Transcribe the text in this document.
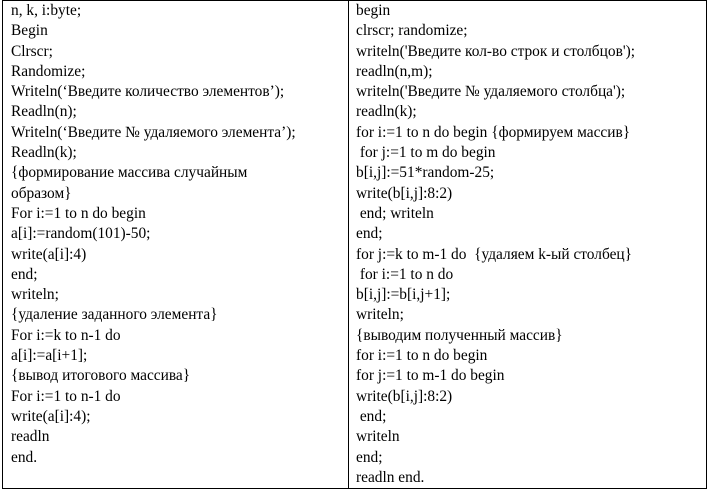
n, k, i:byte;
Begin
Clrscr;
Randomize;
Writeln(‘Введите количество элементов’);
Readln(n);
Writeln(‘Введите № удаляемого элемента’);
Readln(k);
{формирование массива случайным
образом}
For i:=1 to n do begin
a[i]:=random(101)-50;
write(a[i]:4)
end;
writeln;
{удаление заданного элемента}
For i:=k to n-1 do
a[i]:=a[i+1];
{вывод итогового массива}
For i:=1 to n-1 do
write(a[i]:4);
readln
end.

begin
clrscr; randomize;
writeln('Введите кол-во строк и столбцов');
readln(n,m);
writeln('Введите № удаляемого столбца');
readln(k);
for i:=1 to n do begin {формируем массив}
for j:=1 to m do begin
b[i,j]:=51*random-25;
write(b[i,j]:8:2)
end; writeln
end;
for j:=k to m-1 do  {удаляем k-ый столбец}
for i:=1 to n do
b[i,j]:=b[i,j+1];
writeln;
{выводим полученный массив}
for i:=1 to n do begin
for j:=1 to m-1 do begin
write(b[i,j]:8:2)
end;
writeln
end;
readln end.
